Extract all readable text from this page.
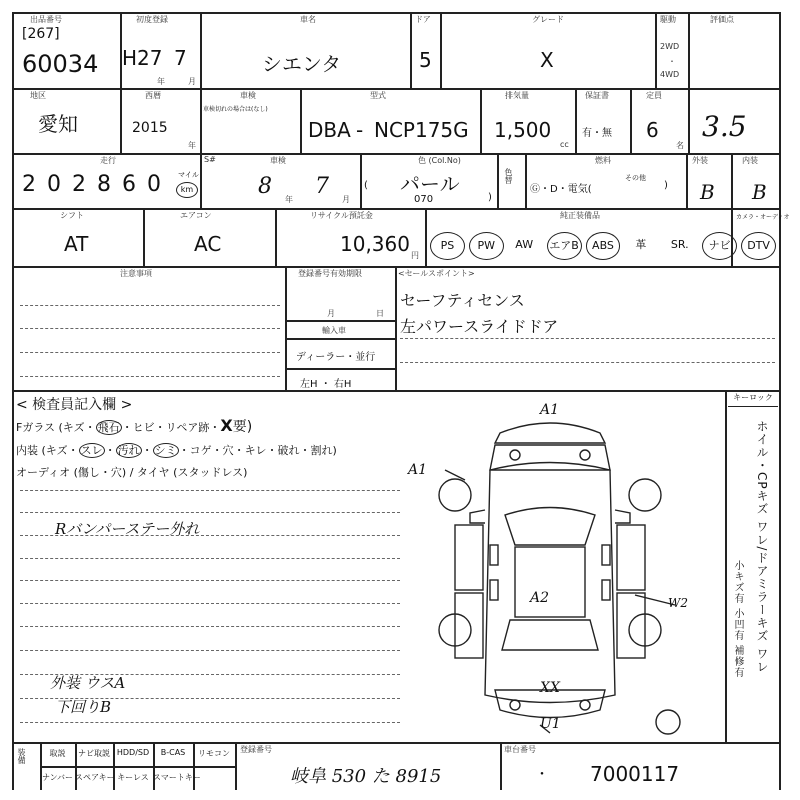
出品番号
[267]
60034
初度登録
H27 7
年	月
車名
シエンタ
ドア
5
グレード
X
駆動
2WD
・
4WD
評価点
3.5
地区
愛知
西暦
2015
年
車検
車検切れの場合は(なし)
型式
DBA - NCP175G
排気量
1,500
cc
保証書
有・無
定員
6
名
走行	S#
2 0 2 8 6 0	マイル
km
車検
8
年
7
月
色 (Col.No)
( パール
070	)
色替
燃料
Ⓖ・D・電気(
その他
)
外装
B
内装
B
シフト
AT
エアコン
AC
リサイクル預託金
10,360 円
純正装備品	カメラ・オーディオ
PS	PW	AW	エアB	ABS	革	SR.	ナビ	DTV
注意事項	登録番号有効期限
月	日
輸入車
ディーラー・並行
左H ・ 右H
<セールスポイント>
セーフティセンス
左パワースライドドア
< 検査員記入欄 >
Fガラス (キズ・ 飛石 ・ヒビ・リペア跡・X要)
内装 (キズ・ スレ ・ 汚れ ・ シミ ・コゲ・穴・キレ・破れ・割れ)
オーディオ (傷し・穴) / タイヤ (スタッドレス)
Rバンパーステー外れ
外装 ウスA
下回りB
キーロック
A1
A1
A2	W2
XX
U1
ホイル・CPキズ ワレ/ドアミラーキズ ワレ
小キズ有 小凹有 補修有
装備	取説	ナビ取説 HDD/SD	B-CAS	リモコン
ナンバー スペアキー キーレス スマートキー
登録番号
岐阜 530 た 8915
車台番号
・ 7000117
